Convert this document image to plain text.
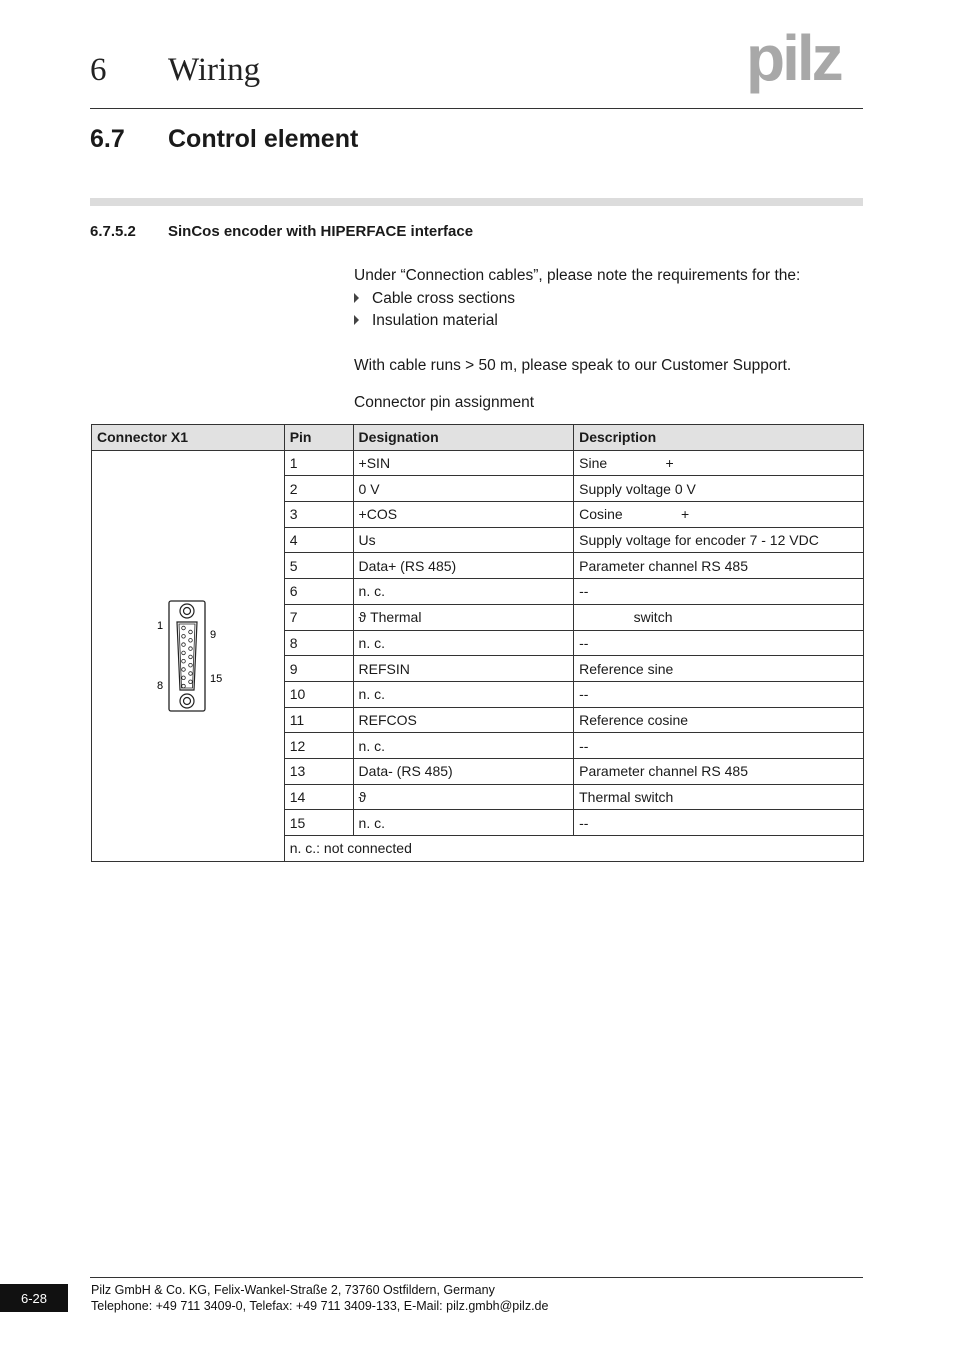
6 Wiring	pilz
6.7 Control element
6.7.5.2 SinCos encoder with HIPERFACE interface
Under “Connection cables”, please note the requirements for the:
Cable cross sections
Insulation material
With cable runs > 50 m, please speak to our Customer Support.
Connector pin assignment
Connector X1	Pin	Designation	Description

1
9
8
15	1	+SIN	Sine               +
	2	0 V	Supply voltage 0 V
	3	+COS	Cosine               +
	4	Us	Supply voltage for encoder 7 - 12 VDC
	5	Data+ (RS 485)	Parameter channel RS 485
	6	n. c.	--
	7	ϑ Thermal	switch
	8	n. c.	--
	9	REFSIN	Reference sine
	10	n. c.	--
	11	REFCOS	Reference cosine
	12	n. c.	--
	13	Data- (RS 485)	Parameter channel RS 485
	14	ϑ	Thermal switch
	15	n. c.	--
	n. c.: not connected		
6-28
Pilz GmbH & Co. KG, Felix-Wankel-Straße 2, 73760 Ostfildern, Germany
Telephone: +49 711 3409-0, Telefax: +49 711 3409-133, E-Mail: pilz.gmbh@pilz.de
